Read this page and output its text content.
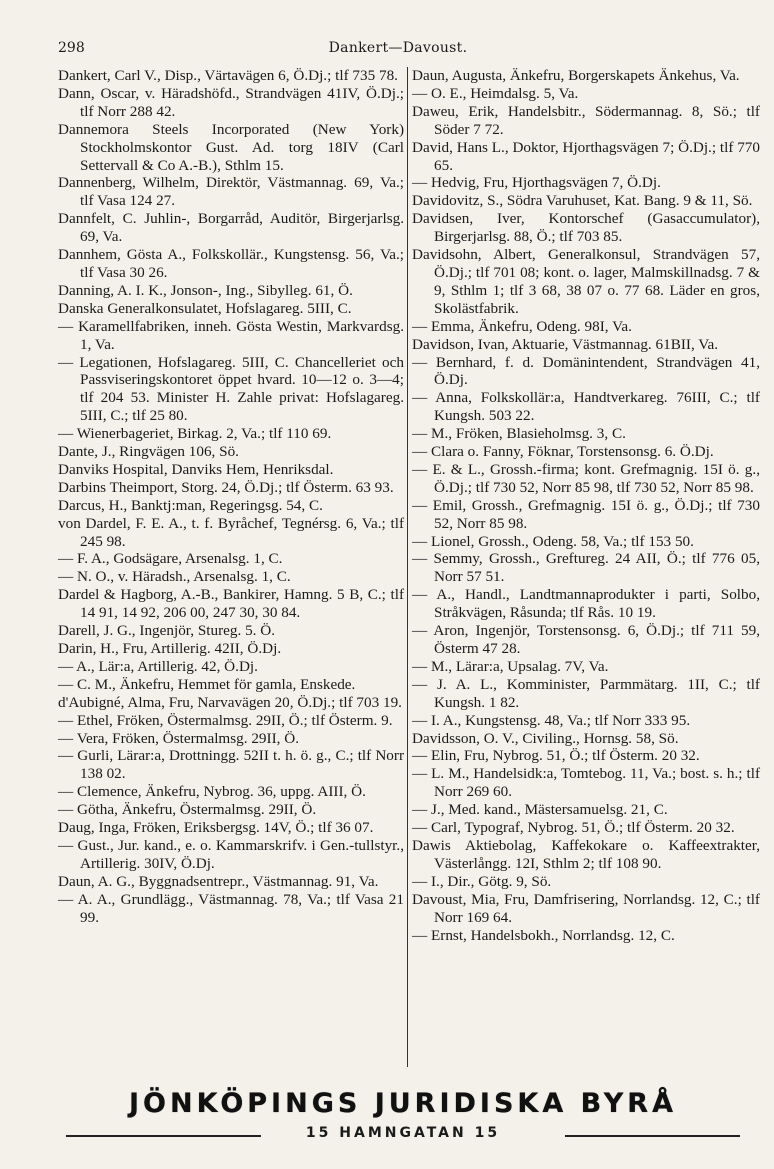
298	Dankert—Davoust.

Dankert, Carl V., Disp., Värtavägen 6, Ö.Dj.; tlf 735 78.

Dann, Oscar, v. Häradshöfd., Strandvägen 41IV, Ö.Dj.; tlf Norr 288 42.

Dannemora Steels Incorporated (New York) Stockholmskontor Gust. Ad. torg 18IV (Carl Settervall & Co A.-B.), Sthlm 15.

Dannenberg, Wilhelm, Direktör, Västmannag. 69, Va.; tlf Vasa 124 27.

Dannfelt, C. Juhlin-, Borgarråd, Auditör, Birgerjarlsg. 69, Va.

Dannhem, Gösta A., Folkskollär., Kungstensg. 56, Va.; tlf Vasa 30 26.

Danning, A. I. K., Jonson-, Ing., Sibylleg. 61, Ö.

Danska Generalkonsulatet, Hofslagareg. 5III, C.

— Karamellfabriken, inneh. Gösta Westin, Markvardsg. 1, Va.

— Legationen, Hofslagareg. 5III, C. Chancelleriet och Passviseringskontoret öppet hvard. 10—12 o. 3—4; tlf 204 53. Minister H. Zahle privat: Hofslagareg. 5III, C.; tlf 25 80.

— Wienerbageriet, Birkag. 2, Va.; tlf 110 69.

Dante, J., Ringvägen 106, Sö.

Danviks Hospital, Danviks Hem, Henriksdal.

Darbins Theimport, Storg. 24, Ö.Dj.; tlf Österm. 63 93.

Darcus, H., Banktj:man, Regeringsg. 54, C.

von Dardel, F. E. A., t. f. Byråchef, Tegnérsg. 6, Va.; tlf 245 98.

— F. A., Godsägare, Arsenalsg. 1, C.

— N. O., v. Häradsh., Arsenalsg. 1, C.

Dardel & Hagborg, A.-B., Bankirer, Hamng. 5 B, C.; tlf 14 91, 14 92, 206 00, 247 30, 30 84.

Darell, J. G., Ingenjör, Stureg. 5. Ö.

Darin, H., Fru, Artillerig. 42II, Ö.Dj.

— A., Lär:a, Artillerig. 42, Ö.Dj.

— C. M., Änkefru, Hemmet för gamla, Enskede.

d'Aubigné, Alma, Fru, Narvavägen 20, Ö.Dj.; tlf 703 19.

— Ethel, Fröken, Östermalmsg. 29II, Ö.; tlf Österm. 9.

— Vera, Fröken, Östermalmsg. 29II, Ö.

— Gurli, Lärar:a, Drottningg. 52II t. h. ö. g., C.; tlf Norr 138 02.

— Clemence, Änkefru, Nybrog. 36, uppg. AIII, Ö.

— Götha, Änkefru, Östermalmsg. 29II, Ö.

Daug, Inga, Fröken, Eriksbergsg. 14V, Ö.; tlf 36 07.

— Gust., Jur. kand., e. o. Kammarskrifv. i Gen.-tullstyr., Artillerig. 30IV, Ö.Dj.

Daun, A. G., Byggnadsentrepr., Västmannag. 91, Va.

— A. A., Grundlägg., Västmannag. 78, Va.; tlf Vasa 21 99.

Daun, Augusta, Änkefru, Borgerskapets Änkehus, Va.

— O. E., Heimdalsg. 5, Va.

Daweu, Erik, Handelsbitr., Södermannag. 8, Sö.; tlf Söder 7 72.

David, Hans L., Doktor, Hjorthagsvägen 7; Ö.Dj.; tlf 770 65.

— Hedvig, Fru, Hjorthagsvägen 7, Ö.Dj.

Davidovitz, S., Södra Varuhuset, Kat. Bang. 9 & 11, Sö.

Davidsen, Iver, Kontorschef (Gasaccumulator), Birgerjarlsg. 88, Ö.; tlf 703 85.

Davidsohn, Albert, Generalkonsul, Strandvägen 57, Ö.Dj.; tlf 701 08; kont. o. lager, Malmskillnadsg. 7 & 9, Sthlm 1; tlf 3 68, 38 07 o. 77 68. Läder en gros, Skolästfabrik.

— Emma, Änkefru, Odeng. 98I, Va.

Davidson, Ivan, Aktuarie, Västmannag. 61BII, Va.

— Bernhard, f. d. Domänintendent, Strandvägen 41, Ö.Dj.

— Anna, Folkskollär:a, Handtverkareg. 76III, C.; tlf Kungsh. 503 22.

— M., Fröken, Blasieholmsg. 3, C.

— Clara o. Fanny, Föknar, Torstensonsg. 6. Ö.Dj.

— E. & L., Grossh.-firma; kont. Grefmagnig. 15I ö. g., Ö.Dj.; tlf 730 52, Norr 85 98, tlf 730 52, Norr 85 98.

— Emil, Grossh., Grefmagnig. 15I ö. g., Ö.Dj.; tlf 730 52, Norr 85 98.

— Lionel, Grossh., Odeng. 58, Va.; tlf 153 50.

— Semmy, Grossh., Greftureg. 24 AII, Ö.; tlf 776 05, Norr 57 51.

— A., Handl., Landtmannaprodukter i parti, Solbo, Stråkvägen, Råsunda; tlf Rås. 10 19.

— Aron, Ingenjör, Torstensonsg. 6, Ö.Dj.; tlf 711 59, Österm 47 28.

— M., Lärar:a, Upsalag. 7V, Va.

— J. A. L., Komminister, Parmmätarg. 1II, C.; tlf Kungsh. 1 82.

— I. A., Kungstensg. 48, Va.; tlf Norr 333 95.

Davidsson, O. V., Civiling., Hornsg. 58, Sö.

— Elin, Fru, Nybrog. 51, Ö.; tlf Österm. 20 32.

— L. M., Handelsidk:a, Tomtebog. 11, Va.; bost. s. h.; tlf Norr 269 60.

— J., Med. kand., Mästersamuelsg. 21, C.

— Carl, Typograf, Nybrog. 51, Ö.; tlf Österm. 20 32.

Dawis Aktiebolag, Kaffekokare o. Kaffeextrakter, Västerlångg. 12I, Sthlm 2; tlf 108 90.

— I., Dir., Götg. 9, Sö.

Davoust, Mia, Fru, Damfrisering, Norrlandsg. 12, C.; tlf Norr 169 64.

— Ernst, Handelsbokh., Norrlandsg. 12, C.

JÖNKÖPINGS JURIDISKA BYRÅ
15 HAMNGATAN 15
